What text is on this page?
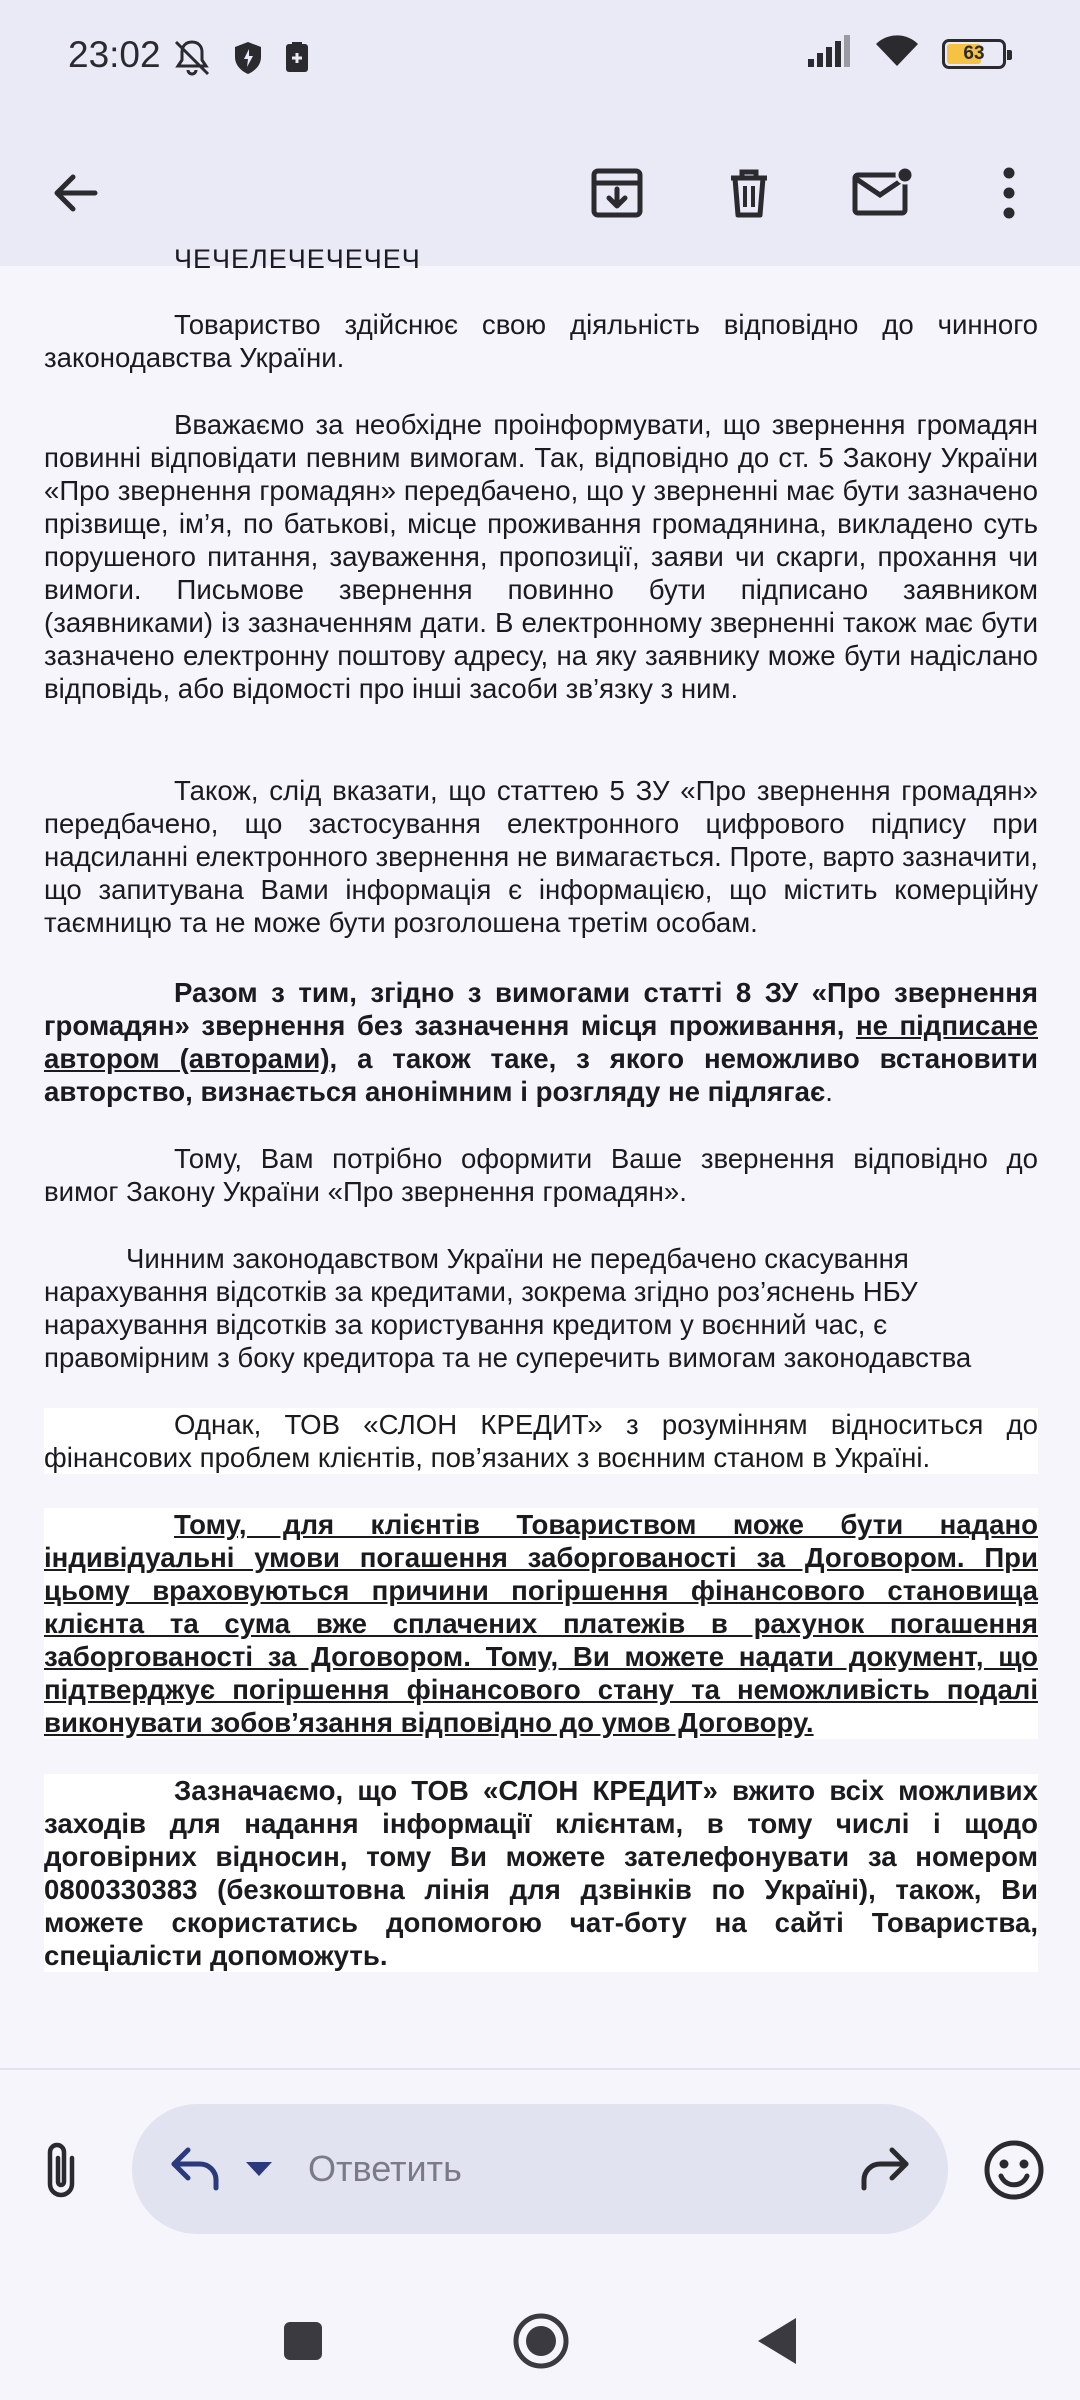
23:02	63
ЧЕЧЕЛЕЧЕЧЕЧЕЧ
Товариство здійснює свою діяльність відповідно до чинного законодавства України.
Вважаємо за необхідне проінформувати, що звернення громадян повинні відповідати певним вимогам. Так, відповідно до ст. 5 Закону України «Про звернення громадян» передбачено, що у зверненні має бути зазначено прізвище, ім’я, по батькові, місце проживання громадянина, викладено суть порушеного питання, зауваження, пропозиції, заяви чи скарги, прохання чи вимоги. Письмове звернення повинно бути підписано заявником (заявниками) із зазначенням дати. В електронному зверненні також має бути зазначено електронну поштову адресу, на яку заявнику може бути надіслано відповідь, або відомості про інші засоби зв’язку з ним.
Також, слід вказати, що статтею 5 ЗУ «Про звернення громадян» передбачено, що застосування електронного цифрового підпису при надсиланні електронного звернення не вимагається. Проте, варто зазначити, що запитувана Вами інформація є інформацією, що містить комерційну таємницю та не може бути розголошена третім особам.
Разом з тим, згідно з вимогами статті 8 ЗУ «Про звернення громадян» звернення без зазначення місця проживання, не підписане автором (авторами), а також таке, з якого неможливо встановити авторство, визнається анонімним і розгляду не підлягає.
Тому, Вам потрібно оформити Ваше звернення відповідно до вимог Закону України «Про звернення громадян».
Чинним законодавством України не передбачено скасування
нарахування відсотків за кредитами, зокрема згідно роз’яснень НБУ
нарахування відсотків за користування кредитом у воєнний час, є
правомірним з боку кредитора та не суперечить вимогам законодавства
Однак, ТОВ «СЛОН КРЕДИТ» з розумінням відноситься до фінансових проблем клієнтів, пов’язаних з воєнним станом в Україні.
Тому, для клієнтів Товариством може бути надано індивідуальні умови погашення заборгованості за Договором. При цьому враховуються причини погіршення фінансового становища клієнта та сума вже сплачених платежів в рахунок погашення заборгованості за Договором. Тому, Ви можете надати документ, що підтверджує погіршення фінансового стану та неможливість подалі виконувати зобов’язання відповідно до умов Договору.
Зазначаємо, що ТОВ «СЛОН КРЕДИТ» вжито всіх можливих заходів для надання інформації клієнтам, в тому числі і щодо договірних відносин, тому Ви можете зателефонувати за номером 0800330383 (безкоштовна лінія для дзвінків по Україні), також, Ви можете скористатись допомогою чат-боту на сайті Товариства, спеціалісти допоможуть.
Ответить
